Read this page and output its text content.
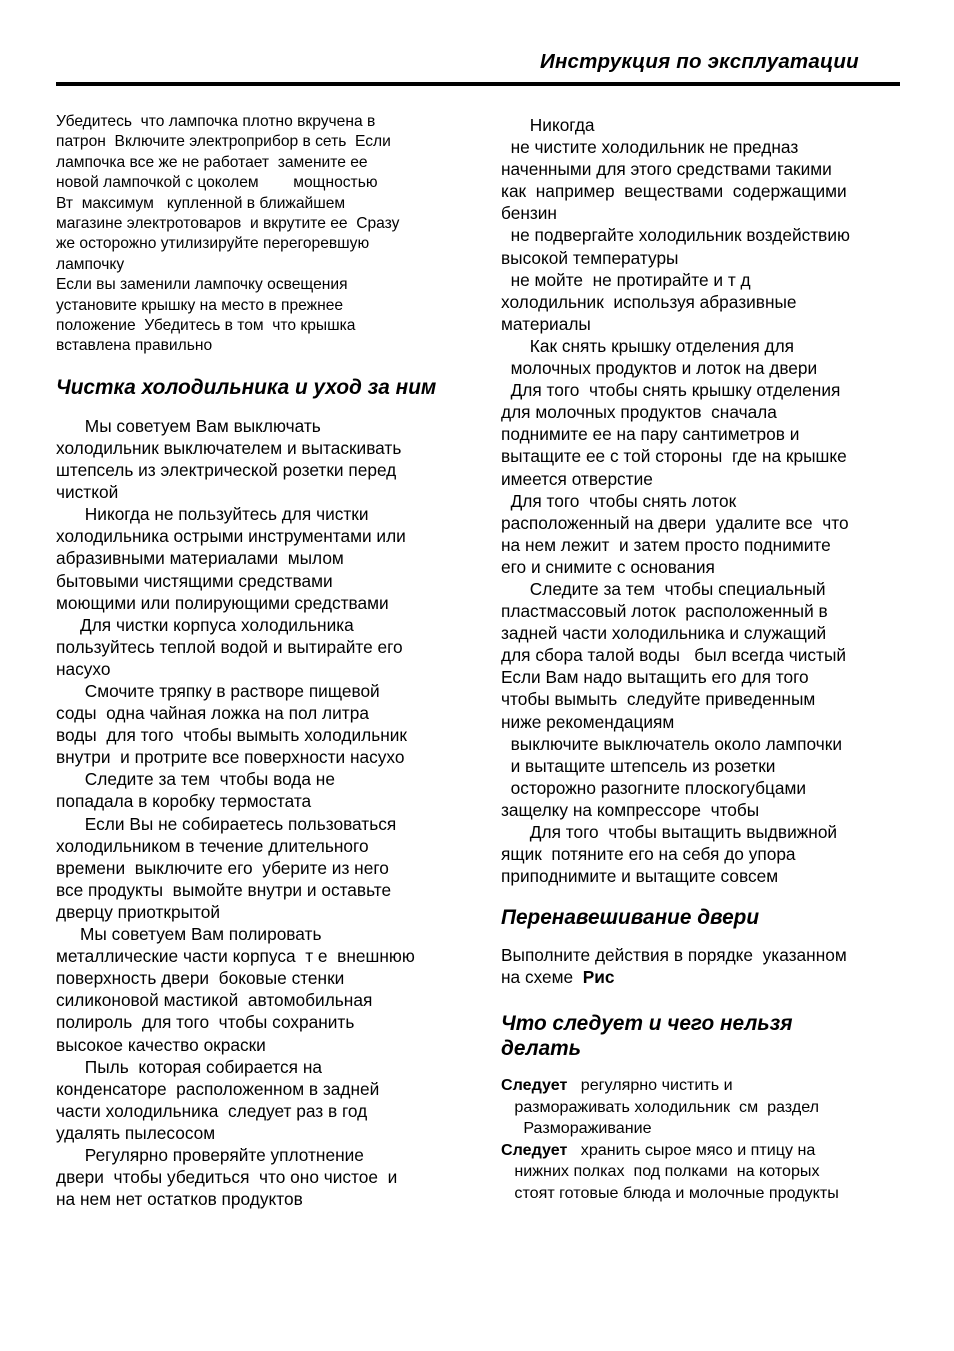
Инструкция по эксплуатации
Убедитесь  что лампочка плотно вкручена в
патрон  Включите электроприбор в сеть  Если
лампочка все же не работает  замените ее
новой лампочкой с цоколем        мощностью
Вт  максимум   купленной в ближайшем
магазине электротоваров  и вкрутите ее  Сразу
же осторожно утилизируйте перегоревшую
лампочку
Если вы заменили лампочку освещения
установите крышку на место в прежнее
положение  Убедитесь в том  что крышка
вставлена правильно
Чистка холодильника и уход за ним
Мы советуем Вам выключать
холодильник выключателем и вытаскивать
штепсель из электрической розетки перед
чисткой
Никогда не пользуйтесь для чистки
холодильника острыми инструментами или
абразивными материалами  мылом
бытовыми чистящими средствами
моющими или полирующими средствами
Для чистки корпуса холодильника
пользуйтесь теплой водой и вытирайте его
насухо
Смочите тряпку в растворе пищевой
соды  одна чайная ложка на пол литра
воды  для того  чтобы вымыть холодильник
внутри  и протрите все поверхности насухо
Следите за тем  чтобы вода не
попадала в коробку термостата
Если Вы не собираетесь пользоваться
холодильником в течение длительного
времени  выключите его  уберите из него
все продукты  вымойте внутри и оставьте
дверцу приоткрытой
Мы советуем Вам полировать
металлические части корпуса  т е  внешнюю
поверхность двери  боковые стенки
силиконовой мастикой  автомобильная
полироль  для того  чтобы сохранить
высокое качество окраски
Пыль  которая собирается на
конденсаторе  расположенном в задней
части холодильника  следует раз в год
удалять пылесосом
Регулярно проверяйте уплотнение
двери  чтобы убедиться  что оно чистое  и
на нем нет остатков продуктов
Никогда
не чистите холодильник не предназ
наченными для этого средствами такими
как  например  веществами  содержащими
бензин
не подвергайте холодильник воздействию
высокой температуры
не мойте  не протирайте и т д
холодильник  используя абразивные
материалы
Как снять крышку отделения для
молочных продуктов и лоток на двери
Для того  чтобы снять крышку отделения
для молочных продуктов  сначала
поднимите ее на пару сантиметров и
вытащите ее с той стороны  где на крышке
имеется отверстие
Для того  чтобы снять лоток
расположенный на двери  удалите все  что
на нем лежит  и затем просто поднимите
его и снимите с основания
Следите за тем  чтобы специальный
пластмассовый лоток  расположенный в
задней части холодильника и служащий
для сбора талой воды   был всегда чистый
Если Вам надо вытащить его для того
чтобы вымыть  следуйте приведенным
ниже рекомендациям
выключите выключатель около лампочки
и вытащите штепсель из розетки
осторожно разогните плоскогубцами
защелку на компрессоре  чтобы
Для того  чтобы вытащить выдвижной
ящик  потяните его на себя до упора
приподнимите и вытащите совсем
Перенавешивание двери
Выполните действия в порядке  указанном
на схеме  Рис
Что следует и чего нельзя
делать
Следует   регулярно чистить и
размораживать холодильник  см  раздел
Размораживание
Следует   хранить сырое мясо и птицу на
нижних полках  под полками  на которых
стоят готовые блюда и молочные продукты
